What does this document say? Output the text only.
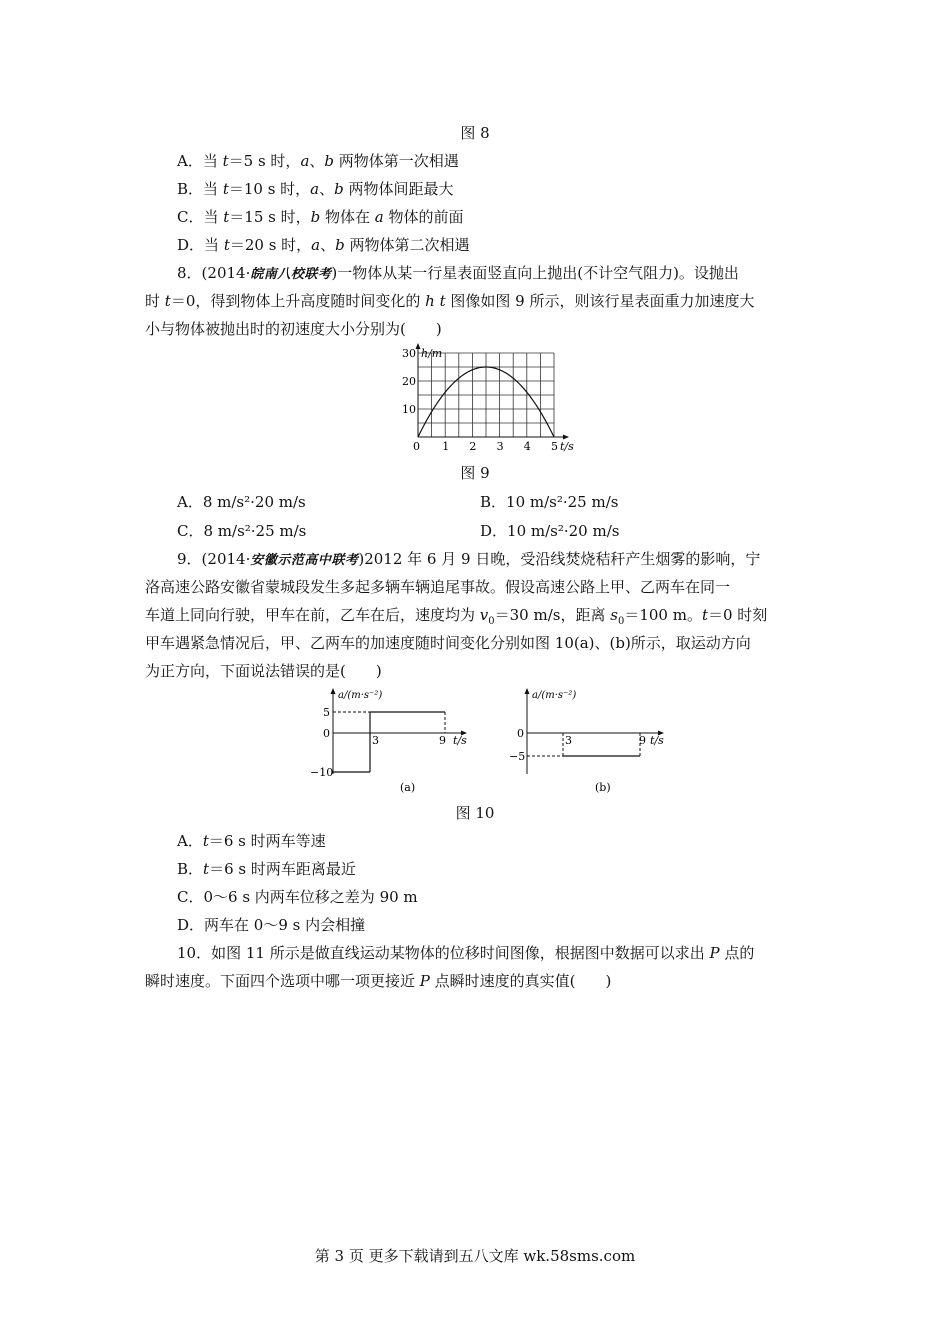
图 8
A．当 t＝5 s 时，a、b 两物体第一次相遇
B．当 t＝10 s 时，a、b 两物体间距最大
C．当 t＝15 s 时，b 物体在 a 物体的前面
D．当 t＝20 s 时，a、b 两物体第二次相遇
8．(2014·皖南八校联考)一物体从某一行星表面竖直向上抛出(不计空气阻力)。设抛出
时 t＝0，得到物体上升高度随时间变化的 h t 图像如图 9 所示，则该行星表面重力加速度大
小与物体被抛出时的初速度大小分别为(　　)
10
20
30
0 1 2 3 4 5
h/m
t/s
图 9
A．8 m/s²·20 m/s	B．10 m/s²·25 m/s
C．8 m/s²·25 m/s	D．10 m/s²·20 m/s
9．(2014·安徽示范高中联考)2012 年 6 月 9 日晚，受沿线焚烧秸秆产生烟雾的影响，宁
洛高速公路安徽省蒙城段发生多起多辆车辆追尾事故。假设高速公路上甲、乙两车在同一
车道上同向行驶，甲车在前，乙车在后，速度均为 $v_0=30$ m/s，距离 $s_0=100$ m。t＝0 时刻
甲车遇紧急情况后，甲、乙两车的加速度随时间变化分别如图 10(a)、(b)所示，取运动方向
为正方向，下面说法错误的是(　　)
a/(m·s⁻²)
5
0
−10
3	9 t/s
(a)
a/(m·s⁻²)
0
−5
3	9 t/s
(b)
图 10
A．t＝6 s 时两车等速
B．t＝6 s 时两车距离最近
C．0～6 s 内两车位移之差为 90 m
D．两车在 0～9 s 内会相撞
10．如图 11 所示是做直线运动某物体的位移时间图像，根据图中数据可以求出 P 点的
瞬时速度。下面四个选项中哪一项更接近 P 点瞬时速度的真实值(　　)
第 3 页 更多下载请到五八文库 wk.58sms.com
